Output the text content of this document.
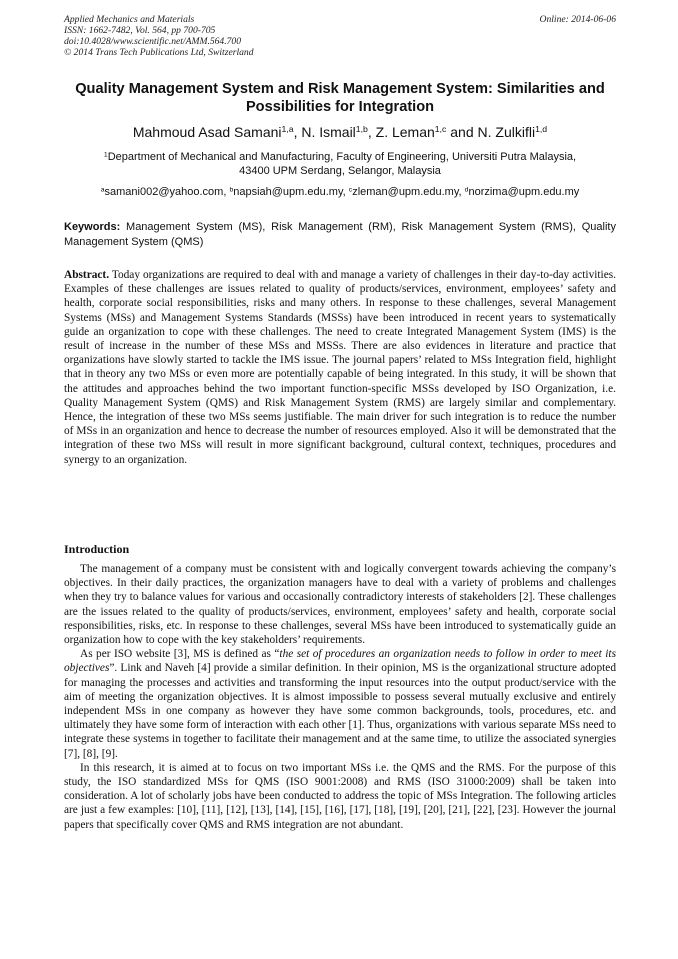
Applied Mechanics and Materials
ISSN: 1662-7482, Vol. 564, pp 700-705
doi:10.4028/www.scientific.net/AMM.564.700
© 2014 Trans Tech Publications Ltd, Switzerland
Online: 2014-06-06
Quality Management System and Risk Management System: Similarities and Possibilities for Integration
Mahmoud Asad Samani$^{1,a}$, N. Ismail$^{1,b}$, Z. Leman$^{1,c}$ and N. Zulkifli$^{1,d}$
$^1$Department of Mechanical and Manufacturing, Faculty of Engineering, Universiti Putra Malaysia,
43400 UPM Serdang, Selangor, Malaysia
$^a$samani002@yahoo.com, $^b$napsiah@upm.edu.my, $^c$zleman@upm.edu.my, $^d$norzima@upm.edu.my
Keywords: Management System (MS), Risk Management (RM), Risk Management System (RMS), Quality Management System (QMS)
Abstract. Today organizations are required to deal with and manage a variety of challenges in their day-to-day activities. Examples of these challenges are issues related to quality of products/services, environment, employees’ safety and health, corporate social responsibilities, risks and many others. In response to these challenges, several Management Systems (MSs) and Management Systems Standards (MSSs) have been introduced in recent years to systematically guide an organization to cope with these challenges. The need to create Integrated Management System (IMS) is the result of increase in the number of these MSs and MSSs. There are also evidences in literature and practice that organizations have slowly started to tackle the IMS issue. The journal papers’ related to MSs Integration field, highlight that in theory any two MSs or even more are potentially capable of being integrated. In this study, it will be shown that the attitudes and approaches behind the two important function-specific MSSs developed by ISO Organization, i.e. Quality Management System (QMS) and Risk Management System (RMS) are largely similar and complementary. Hence, the integration of these two MSs seems justifiable. The main driver for such integration is to reduce the number of MSs in an organization and hence to decrease the number of resources employed. Also it will be demonstrated that the integration of these two MSs will result in more significant background, cultural context, techniques, procedures and synergy to an organization.
Introduction

The management of a company must be consistent with and logically convergent towards achieving the company’s objectives. In their daily practices, the organization managers have to deal with a variety of problems and challenges when they try to balance values for various and occasionally contradictory interests of stakeholders [2]. These challenges are the issues related to the quality of products/services, environment, employees’ safety and health, corporate social responsibilities, risks, etc. In response to these challenges, several MSs have been introduced to systematically guide an organization how to cope with the key stakeholders’ requirements.

As per ISO website [3], MS is defined as “the set of procedures an organization needs to follow in order to meet its objectives”. Link and Naveh [4] provide a similar definition. In their opinion, MS is the organizational structure adopted for managing the processes and activities and transforming the input resources into the output product/service with the aim of meeting the organization objectives. It is almost impossible to possess several mutually exclusive and entirely independent MSs in one company as however they have some common backgrounds, tools, procedures, etc. and ultimately they have some form of interaction with each other [1]. Thus, organizations with various separate MSs need to integrate these systems in together to facilitate their management and at the same time, to utilize the associated synergies [7], [8], [9].

In this research, it is aimed at to focus on two important MSs i.e. the QMS and the RMS. For the purpose of this study, the ISO standardized MSs for QMS (ISO 9001:2008) and RMS (ISO 31000:2009) shall be taken into consideration. A lot of scholarly jobs have been conducted to address the topic of MSs Integration. The following articles are just a few examples: [10], [11], [12], [13], [14], [15], [16], [17], [18], [19], [20], [21], [22], [23]. However the journal papers that specifically cover QMS and RMS integration are not abundant.
